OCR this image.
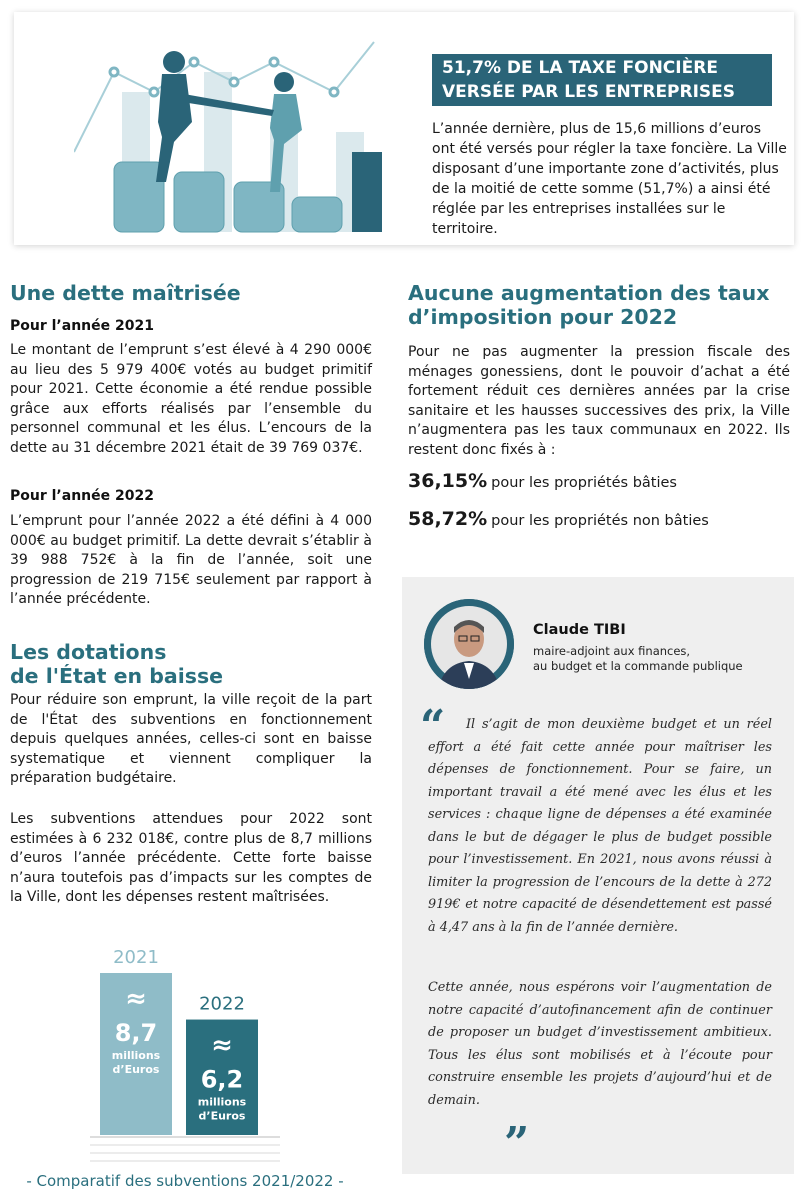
51,7% DE LA TAXE FONCIÈRE
VERSÉE PAR LES ENTREPRISES
L’année dernière, plus de 15,6 millions d’euros ont été versés pour régler la taxe foncière. La Ville disposant d’une importante zone d’activités, plus de la moitié de cette somme (51,7%) a ainsi été réglée par les entreprises installées sur le territoire.
Une dette maîtrisée
Pour l’année 2021
Le montant de l’emprunt s’est élevé à 4 290 000€ au lieu des 5 979 400€ votés au budget primitif pour 2021. Cette économie a été rendue possible grâce aux efforts réalisés par l’ensemble du personnel communal et les élus. L’encours de la dette au 31 décembre 2021 était de 39 769 037€.
Pour l’année 2022
L’emprunt pour l’année 2022 a été défini à 4 000 000€ au budget primitif. La dette devrait s’établir à 39 988 752€ à la fin de l’année, soit une progression de 219 715€ seulement par rapport à l’année précédente.
Les dotations
de l'État en baisse
Pour réduire son emprunt, la ville reçoit de la part de l'État des subventions en fonctionnement depuis quelques années, celles-ci sont en baisse systematique et viennent compliquer la préparation budgétaire.
Les subventions attendues pour 2022 sont estimées à 6 232 018€, contre plus de 8,7 millions d’euros l’année précédente. Cette forte baisse n’aura toutefois pas d’impacts sur les comptes de la Ville, dont les dépenses restent maîtrisées.
2021
≈
8,7
millions
d’Euros
2022
≈
6,2
millions
d’Euros
- Comparatif des subventions 2021/2022 -
Aucune augmentation des taux
d’imposition pour 2022
Pour ne pas augmenter la pression fiscale des ménages gonessiens, dont le pouvoir d’achat a été fortement réduit ces dernières années par la crise sanitaire et les hausses successives des prix, la Ville n’augmentera pas les taux communaux en 2022. Ils restent donc fixés à :
36,15% pour les propriétés bâties
58,72% pour les propriétés non bâties
Claude TIBI
maire-adjoint aux finances,
au budget et la commande publique
“	Il s’agit de mon deuxième budget et un réel effort a été fait cette année pour maîtriser les dépenses de fonctionnement. Pour se faire, un important travail a été mené avec les élus et les services : chaque ligne de dépenses a été examinée dans le but de dégager le plus de budget possible pour l’investissement. En 2021, nous avons réussi à limiter la progression de l’encours de la dette à 272 919€ et notre capacité de désendettement est passé à 4,47 ans à la fin de l’année dernière.
Cette année, nous espérons voir l’augmentation de notre capacité d’autofinancement afin de continuer de proposer un budget d’investissement ambitieux. Tous les élus sont mobilisés et à l’écoute pour construire ensemble les projets d’aujourd’hui et de demain.
”
